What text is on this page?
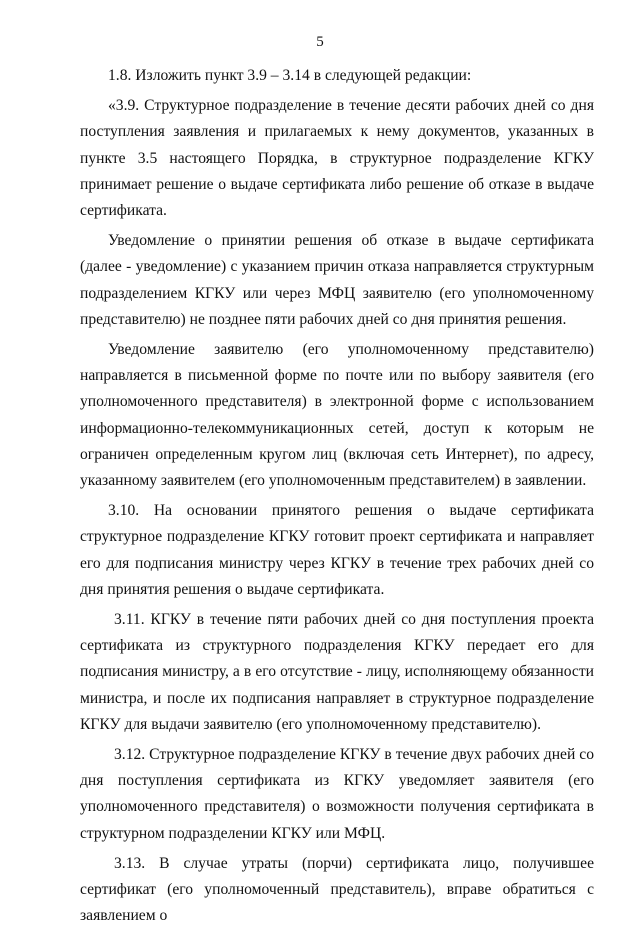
5

1.8. Изложить пункт 3.9 – 3.14 в следующей редакции:

«3.9. Структурное подразделение в течение десяти рабочих дней со дня поступления заявления и прилагаемых к нему документов, указанных в пункте 3.5 настоящего Порядка, в структурное подразделение КГКУ принимает решение о выдаче сертификата либо решение об отказе в выдаче сертификата.

Уведомление о принятии решения об отказе в выдаче сертификата (далее - уведомление) с указанием причин отказа направляется структурным подразделением КГКУ или через МФЦ заявителю (его уполномоченному представителю) не позднее пяти рабочих дней со дня принятия решения.

Уведомление заявителю (его уполномоченному представителю) направляется в письменной форме по почте или по выбору заявителя (его уполномоченного представителя) в электронной форме с использованием информационно-телекоммуникационных сетей, доступ к которым не ограничен определенным кругом лиц (включая сеть Интернет), по адресу, указанному заявителем (его уполномоченным представителем) в заявлении.

3.10. На основании принятого решения о выдаче сертификата структурное подразделение КГКУ готовит проект сертификата и направляет его для подписания министру через КГКУ в течение трех рабочих дней со дня принятия решения о выдаче сертификата.

3.11. КГКУ в течение пяти рабочих дней со дня поступления проекта сертификата из структурного подразделения КГКУ передает его для подписания министру, а в его отсутствие - лицу, исполняющему обязанности министра, и после их подписания направляет в структурное подразделение КГКУ для выдачи заявителю (его уполномоченному представителю).

3.12. Структурное подразделение КГКУ в течение двух рабочих дней со дня поступления сертификата из КГКУ уведомляет заявителя (его уполномоченного представителя) о возможности получения сертификата в структурном подразделении КГКУ или МФЦ.

3.13. В случае утраты (порчи) сертификата лицо, получившее сертификат (его уполномоченный представитель), вправе обратиться с заявлением о
